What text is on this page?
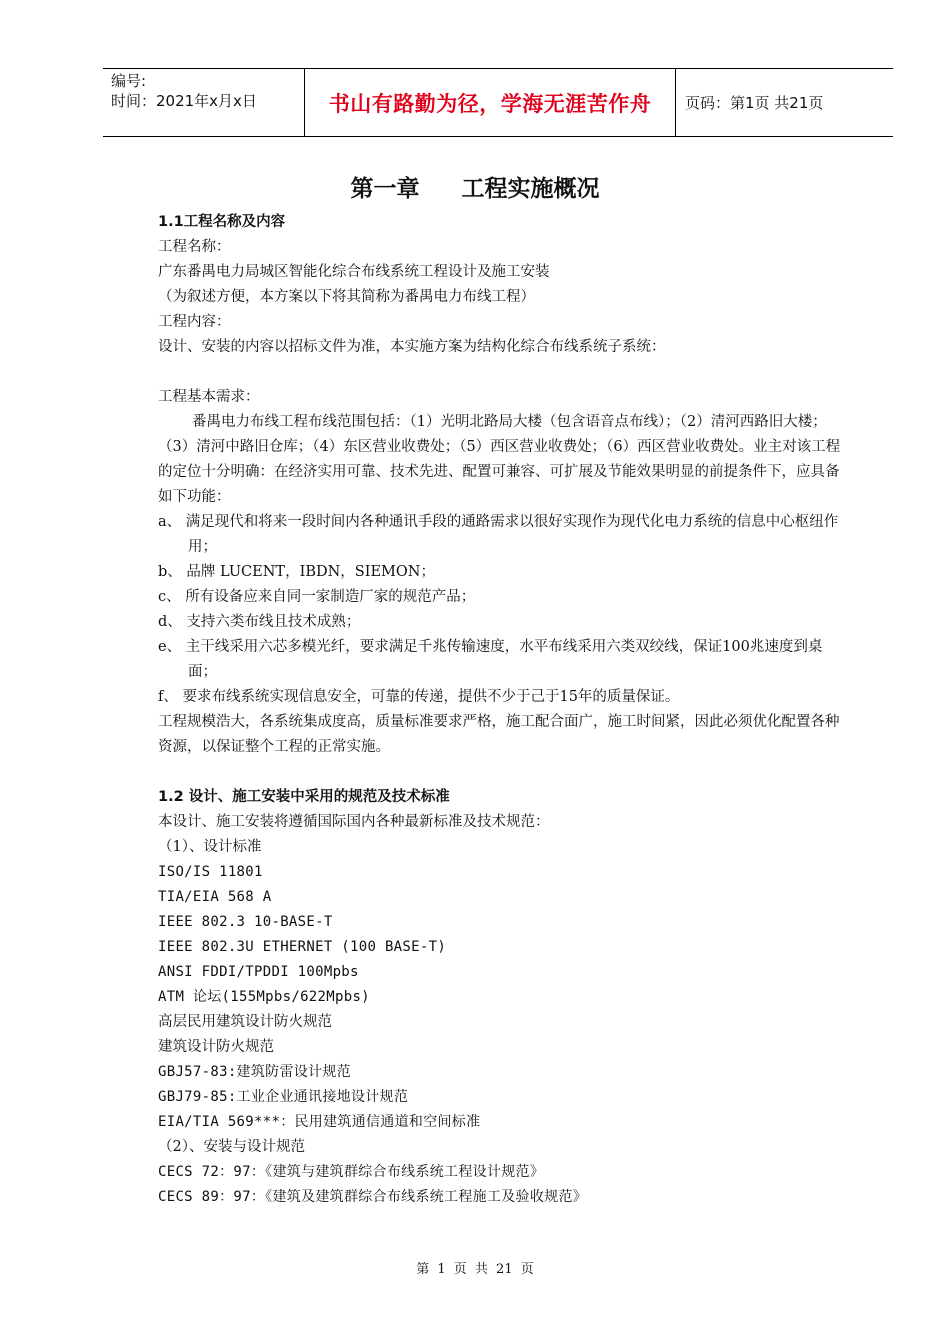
编号:
时间：2021年x月x日	书山有路勤为径，学海无涯苦作舟	页码：第1页 共21页
第一章 工程实施概况
1.1工程名称及内容
工程名称：
广东番禺电力局城区智能化综合布线系统工程设计及施工安装
（为叙述方便，本方案以下将其简称为番禺电力布线工程）
工程内容：
设计、安装的内容以招标文件为准，本实施方案为结构化综合布线系统子系统：
工程基本需求：
番禺电力布线工程布线范围包括：（1）光明北路局大楼（包含语音点布线）；（2）清河西路旧大楼；（3）清河中路旧仓库；（4）东区营业收费处；（5）西区营业收费处；（6）西区营业收费处。业主对该工程的定位十分明确：在经济实用可靠、技术先进、配置可兼容、可扩展及节能效果明显的前提条件下，应具备如下功能：
a、 满足现代和将来一段时间内各种通讯手段的通路需求以很好实现作为现代化电力系统的信息中心枢纽作用；
b、 品牌 LUCENT，IBDN，SIEMON；
c、 所有设备应来自同一家制造厂家的规范产品；
d、 支持六类布线且技术成熟；
e、 主干线采用六芯多模光纤，要求满足千兆传输速度，水平布线采用六类双绞线，保证100兆速度到桌面；
f、 要求布线系统实现信息安全，可靠的传递，提供不少于己于15年的质量保证。
工程规模浩大，各系统集成度高，质量标准要求严格，施工配合面广，施工时间紧，因此必须优化配置各种资源，以保证整个工程的正常实施。
1.2 设计、施工安装中采用的规范及技术标准
本设计、施工安装将遵循国际国内各种最新标准及技术规范：
（1）、设计标准
ISO/IS 11801
TIA/EIA 568 A
IEEE 802.3 10-BASE-T
IEEE 802.3U ETHERNET (100 BASE-T)
ANSI FDDI/TPDDI 100Mpbs
ATM 论坛(155Mpbs/622Mpbs)
高层民用建筑设计防火规范
建筑设计防火规范
GBJ57-83:建筑防雷设计规范
GBJ79-85:工业企业通讯接地设计规范
EIA/TIA 569***：民用建筑通信通道和空间标准
（2）、安装与设计规范
CECS 72：97：《建筑与建筑群综合布线系统工程设计规范》
CECS 89：97：《建筑及建筑群综合布线系统工程施工及验收规范》
第 1 页 共 21 页
